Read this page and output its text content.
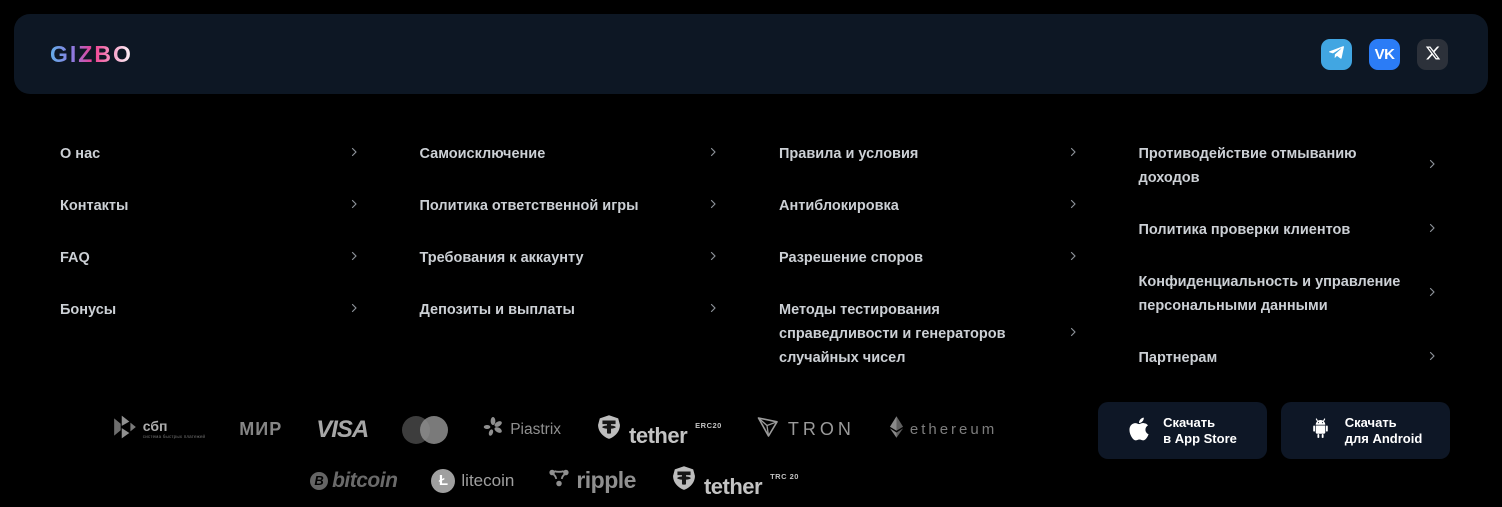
GIZBO	VK
О нас
Контакты
FAQ
Бонусы
Самоисключение
Политика ответственной игры
Требования к аккаунту
Депозиты и выплаты
Правила и условия
Антиблокировка
Разрешение споров
Методы тестирования справедливости и генераторов случайных чисел
Противодействие отмыванию доходов
Политика проверки клиентов
Конфиденциальность и управление персональными данными
Партнерам
сбп
система быстрых платежей МИР VISA	Piastrix	tether ERC20	TRON	ethereum
B bitcoin	Ł litecoin	ripple	tether TRC 20
Скачать
в App Store
Скачать
для Android
